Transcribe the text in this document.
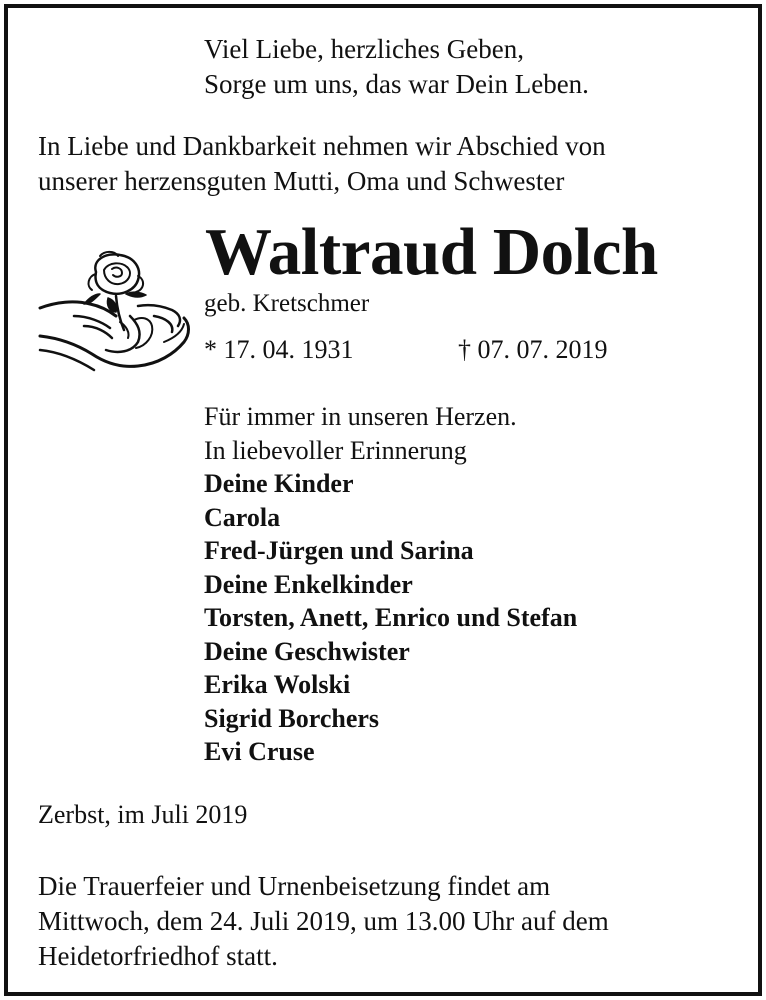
Viel Liebe, herzliches Geben,
Sorge um uns, das war Dein Leben.
In Liebe und Dankbarkeit nehmen wir Abschied von
unserer herzensguten Mutti, Oma und Schwester
Waltraud Dolch
geb. Kretschmer
* 17. 04. 1931	† 07. 07. 2019
Für immer in unseren Herzen.
In liebevoller Erinnerung
Deine Kinder
Carola
Fred-Jürgen und Sarina
Deine Enkelkinder
Torsten, Anett, Enrico und Stefan
Deine Geschwister
Erika Wolski
Sigrid Borchers
Evi Cruse
Zerbst, im Juli 2019
Die Trauerfeier und Urnenbeisetzung findet am
Mittwoch, dem 24. Juli 2019, um 13.00 Uhr auf dem
Heidetorfriedhof statt.
